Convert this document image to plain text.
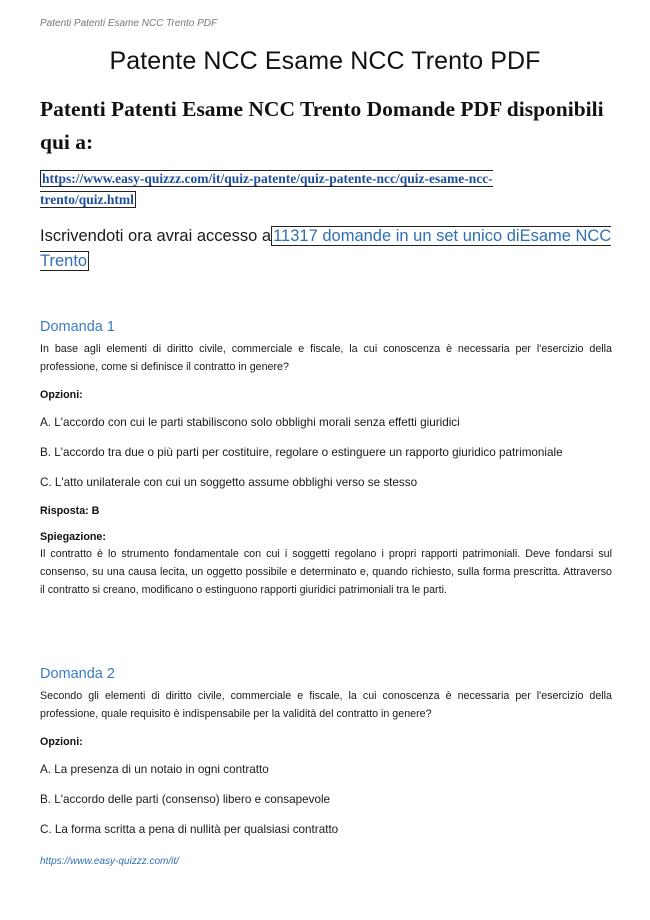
Patenti Patenti Esame NCC Trento PDF
Patente NCC Esame NCC Trento PDF
Patenti Patenti Esame NCC Trento Domande PDF disponibili qui a:
https://www.easy-quizzz.com/it/quiz-patente/quiz-patente-ncc/quiz-esame-ncc-trento/quiz.html
Iscrivendoti ora avrai accesso a 11317 domande in un set unico diEsame NCC Trento

Domanda 1

In base agli elementi di diritto civile, commerciale e fiscale, la cui conoscenza è necessaria per l'esercizio della professione, come si definisce il contratto in genere?

Opzioni:

A. L'accordo con cui le parti stabiliscono solo obblighi morali senza effetti giuridici

B. L'accordo tra due o più parti per costituire, regolare o estinguere un rapporto giuridico patrimoniale

C. L'atto unilaterale con cui un soggetto assume obblighi verso se stesso

Risposta: B

Spiegazione:

Il contratto è lo strumento fondamentale con cui i soggetti regolano i propri rapporti patrimoniali. Deve fondarsi sul consenso, su una causa lecita, un oggetto possibile e determinato e, quando richiesto, sulla forma prescritta. Attraverso il contratto si creano, modificano o estinguono rapporti giuridici patrimoniali tra le parti.

Domanda 2

Secondo gli elementi di diritto civile, commerciale e fiscale, la cui conoscenza è necessaria per l'esercizio della professione, quale requisito è indispensabile per la validità del contratto in genere?

Opzioni:

A. La presenza di un notaio in ogni contratto

B. L'accordo delle parti (consenso) libero e consapevole

C. La forma scritta a pena di nullità per qualsiasi contratto

https://www.easy-quizzz.com/it/
